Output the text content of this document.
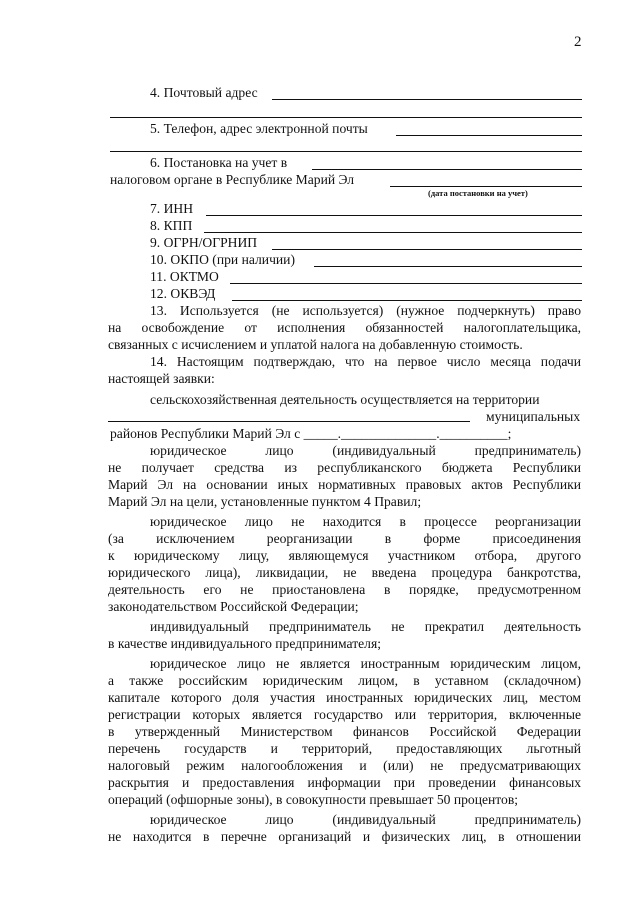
2
4. Почтовый адрес
5. Телефон, адрес электронной почты
6. Постановка на учет в
налоговом органе в Республике Марий Эл
(дата постановки на учет)
7. ИНН
8. КПП
9. ОГРН/ОГРНИП
10. ОКПО (при наличии)
11. ОКТМО
12. ОКВЭД
13. Используется (не используется) (нужное подчеркнуть) право
на освобождение от исполнения обязанностей налогоплательщика,
связанных с исчислением и уплатой налога на добавленную стоимость.
14. Настоящим подтверждаю, что на первое число месяца подачи
настоящей заявки:
сельскохозяйственная деятельность осуществляется на территории
муниципальных
районов Республики Марий Эл с _____.______________.__________;
юридическое лицо (индивидуальный предприниматель)
не получает средства из республиканского бюджета Республики
Марий Эл на основании иных нормативных правовых актов Республики
Марий Эл на цели, установленные пунктом 4 Правил;
юридическое лицо не находится в процессе реорганизации
(за исключением реорганизации в форме присоединения
к юридическому лицу, являющемуся участником отбора, другого
юридического лица), ликвидации, не введена процедура банкротства,
деятельность его не приостановлена в порядке, предусмотренном
законодательством Российской Федерации;
индивидуальный предприниматель не прекратил деятельность
в качестве индивидуального предпринимателя;
юридическое лицо не является иностранным юридическим лицом,
а также российским юридическим лицом, в уставном (складочном)
капитале которого доля участия иностранных юридических лиц, местом
регистрации которых является государство или территория, включенные
в утвержденный Министерством финансов Российской Федерации
перечень государств и территорий, предоставляющих льготный
налоговый режим налогообложения и (или) не предусматривающих
раскрытия и предоставления информации при проведении финансовых
операций (офшорные зоны), в совокупности превышает 50 процентов;
юридическое лицо (индивидуальный предприниматель)
не находится в перечне организаций и физических лиц, в отношении
